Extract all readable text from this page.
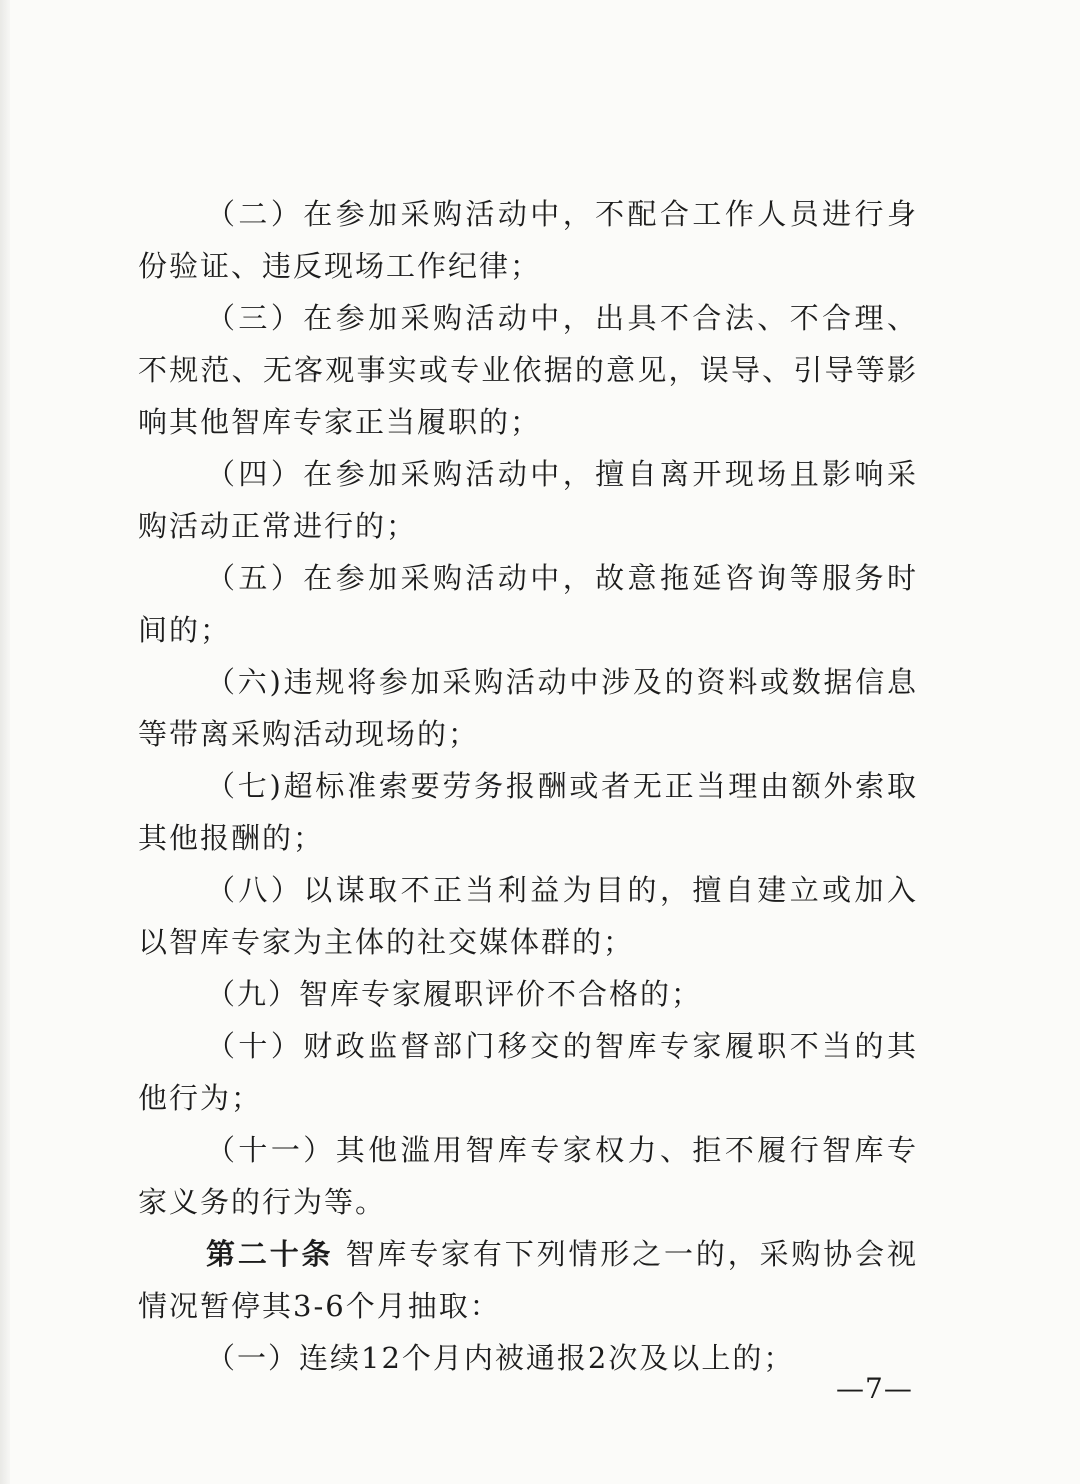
（二）在参加采购活动中，不配合工作人员进行身份验证、违反现场工作纪律；

（三）在参加采购活动中，出具不合法、不合理、不规范、无客观事实或专业依据的意见，误导、引导等影响其他智库专家正当履职的；

（四）在参加采购活动中，擅自离开现场且影响采购活动正常进行的；

（五）在参加采购活动中，故意拖延咨询等服务时间的；

（六)违规将参加采购活动中涉及的资料或数据信息等带离采购活动现场的；

（七)超标准索要劳务报酬或者无正当理由额外索取其他报酬的；

（八）以谋取不正当利益为目的，擅自建立或加入以智库专家为主体的社交媒体群的；

（九）智库专家履职评价不合格的；

（十）财政监督部门移交的智库专家履职不当的其他行为；

（十一）其他滥用智库专家权力、拒不履行智库专家义务的行为等。

第二十条 智库专家有下列情形之一的，采购协会视情况暂停其3-6个月抽取：

（一）连续12个月内被通报2次及以上的；

—7—
